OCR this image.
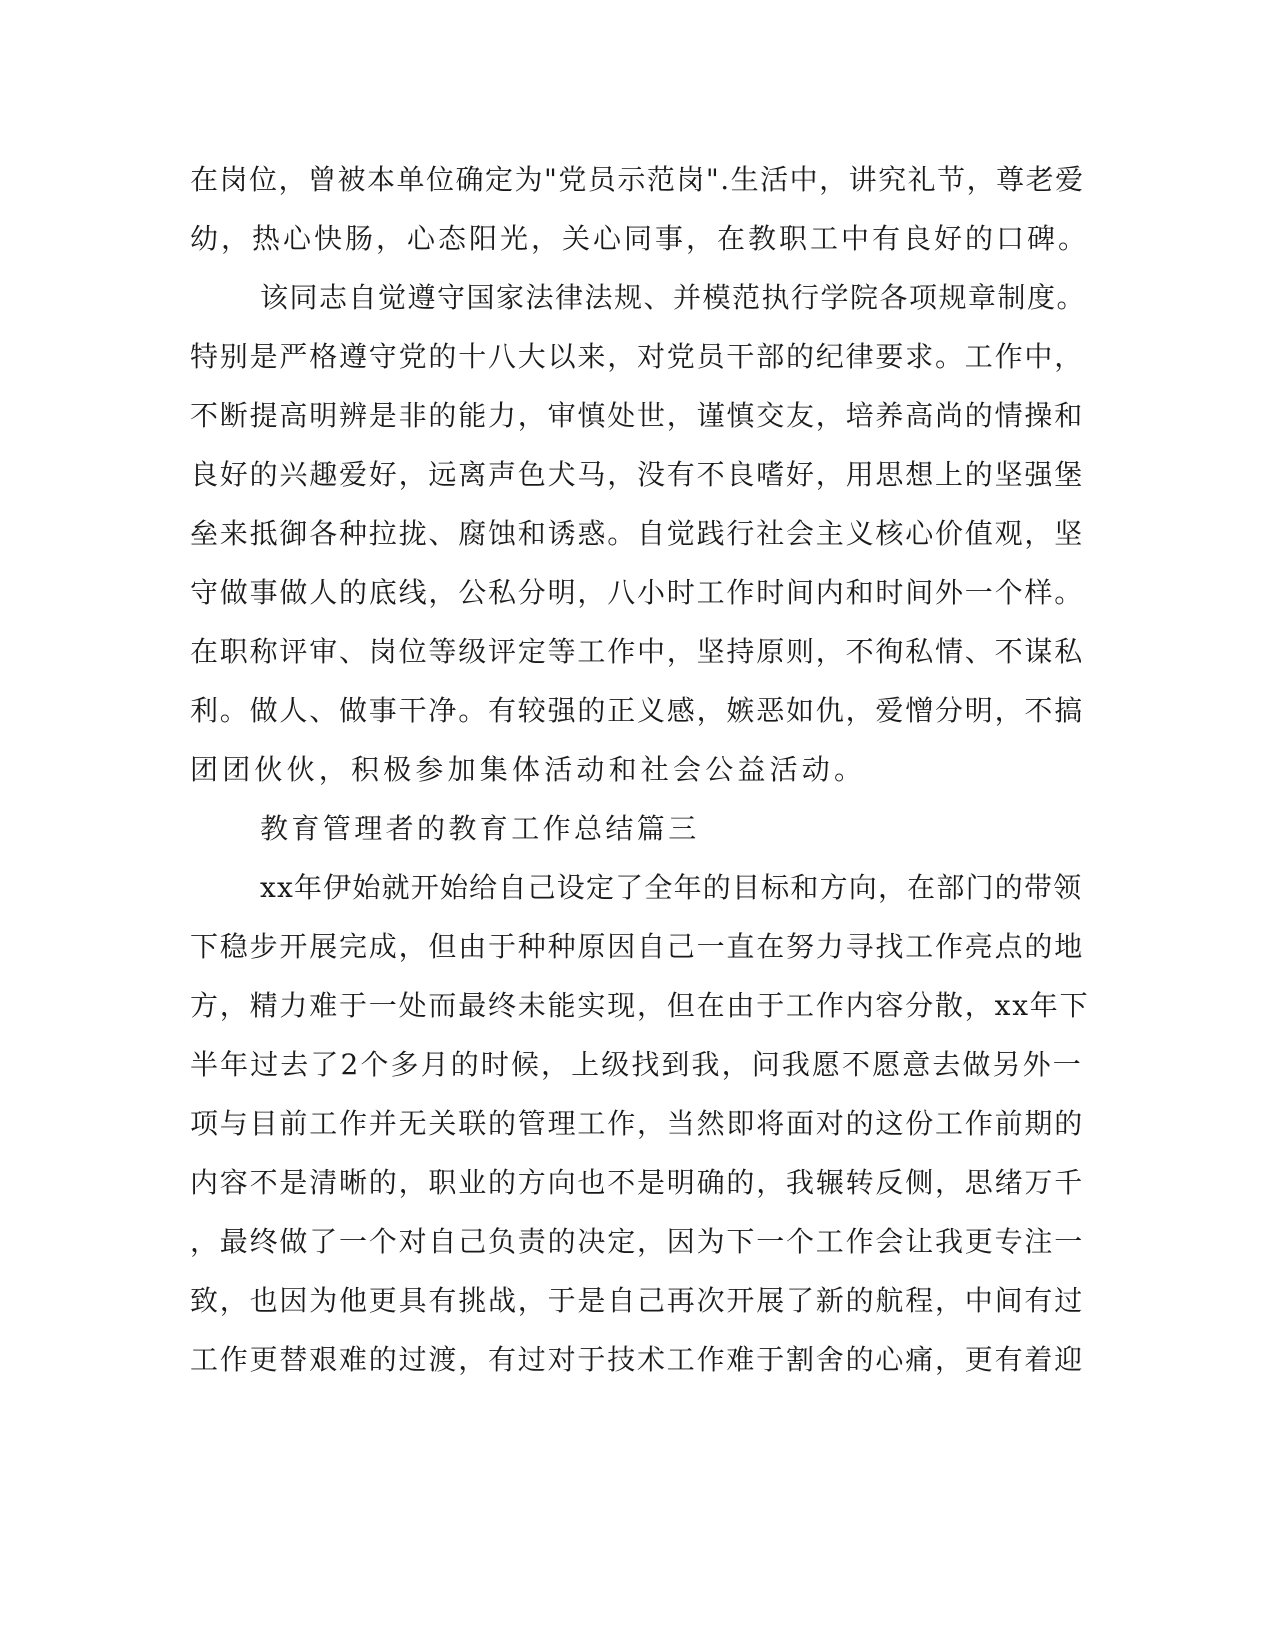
在岗位，曾被本单位确定为"党员示范岗".生活中，讲究礼节，尊老爱
幼，热心快肠，心态阳光，关心同事，在教职工中有良好的口碑。
该同志自觉遵守国家法律法规、并模范执行学院各项规章制度。
特别是严格遵守党的十八大以来，对党员干部的纪律要求。工作中，
不断提高明辨是非的能力，审慎处世，谨慎交友，培养高尚的情操和
良好的兴趣爱好，远离声色犬马，没有不良嗜好，用思想上的坚强堡
垒来抵御各种拉拢、腐蚀和诱惑。自觉践行社会主义核心价值观，坚
守做事做人的底线，公私分明，八小时工作时间内和时间外一个样。
在职称评审、岗位等级评定等工作中，坚持原则，不徇私情、不谋私
利。做人、做事干净。有较强的正义感，嫉恶如仇，爱憎分明，不搞
团团伙伙，积极参加集体活动和社会公益活动。
教育管理者的教育工作总结篇三
xx年伊始就开始给自己设定了全年的目标和方向，在部门的带领
下稳步开展完成，但由于种种原因自己一直在努力寻找工作亮点的地
方，精力难于一处而最终未能实现，但在由于工作内容分散，xx年下
半年过去了2个多月的时候，上级找到我，问我愿不愿意去做另外一
项与目前工作并无关联的管理工作，当然即将面对的这份工作前期的
内容不是清晰的，职业的方向也不是明确的，我辗转反侧，思绪万千
，最终做了一个对自己负责的决定，因为下一个工作会让我更专注一
致，也因为他更具有挑战，于是自己再次开展了新的航程，中间有过
工作更替艰难的过渡，有过对于技术工作难于割舍的心痛，更有着迎
